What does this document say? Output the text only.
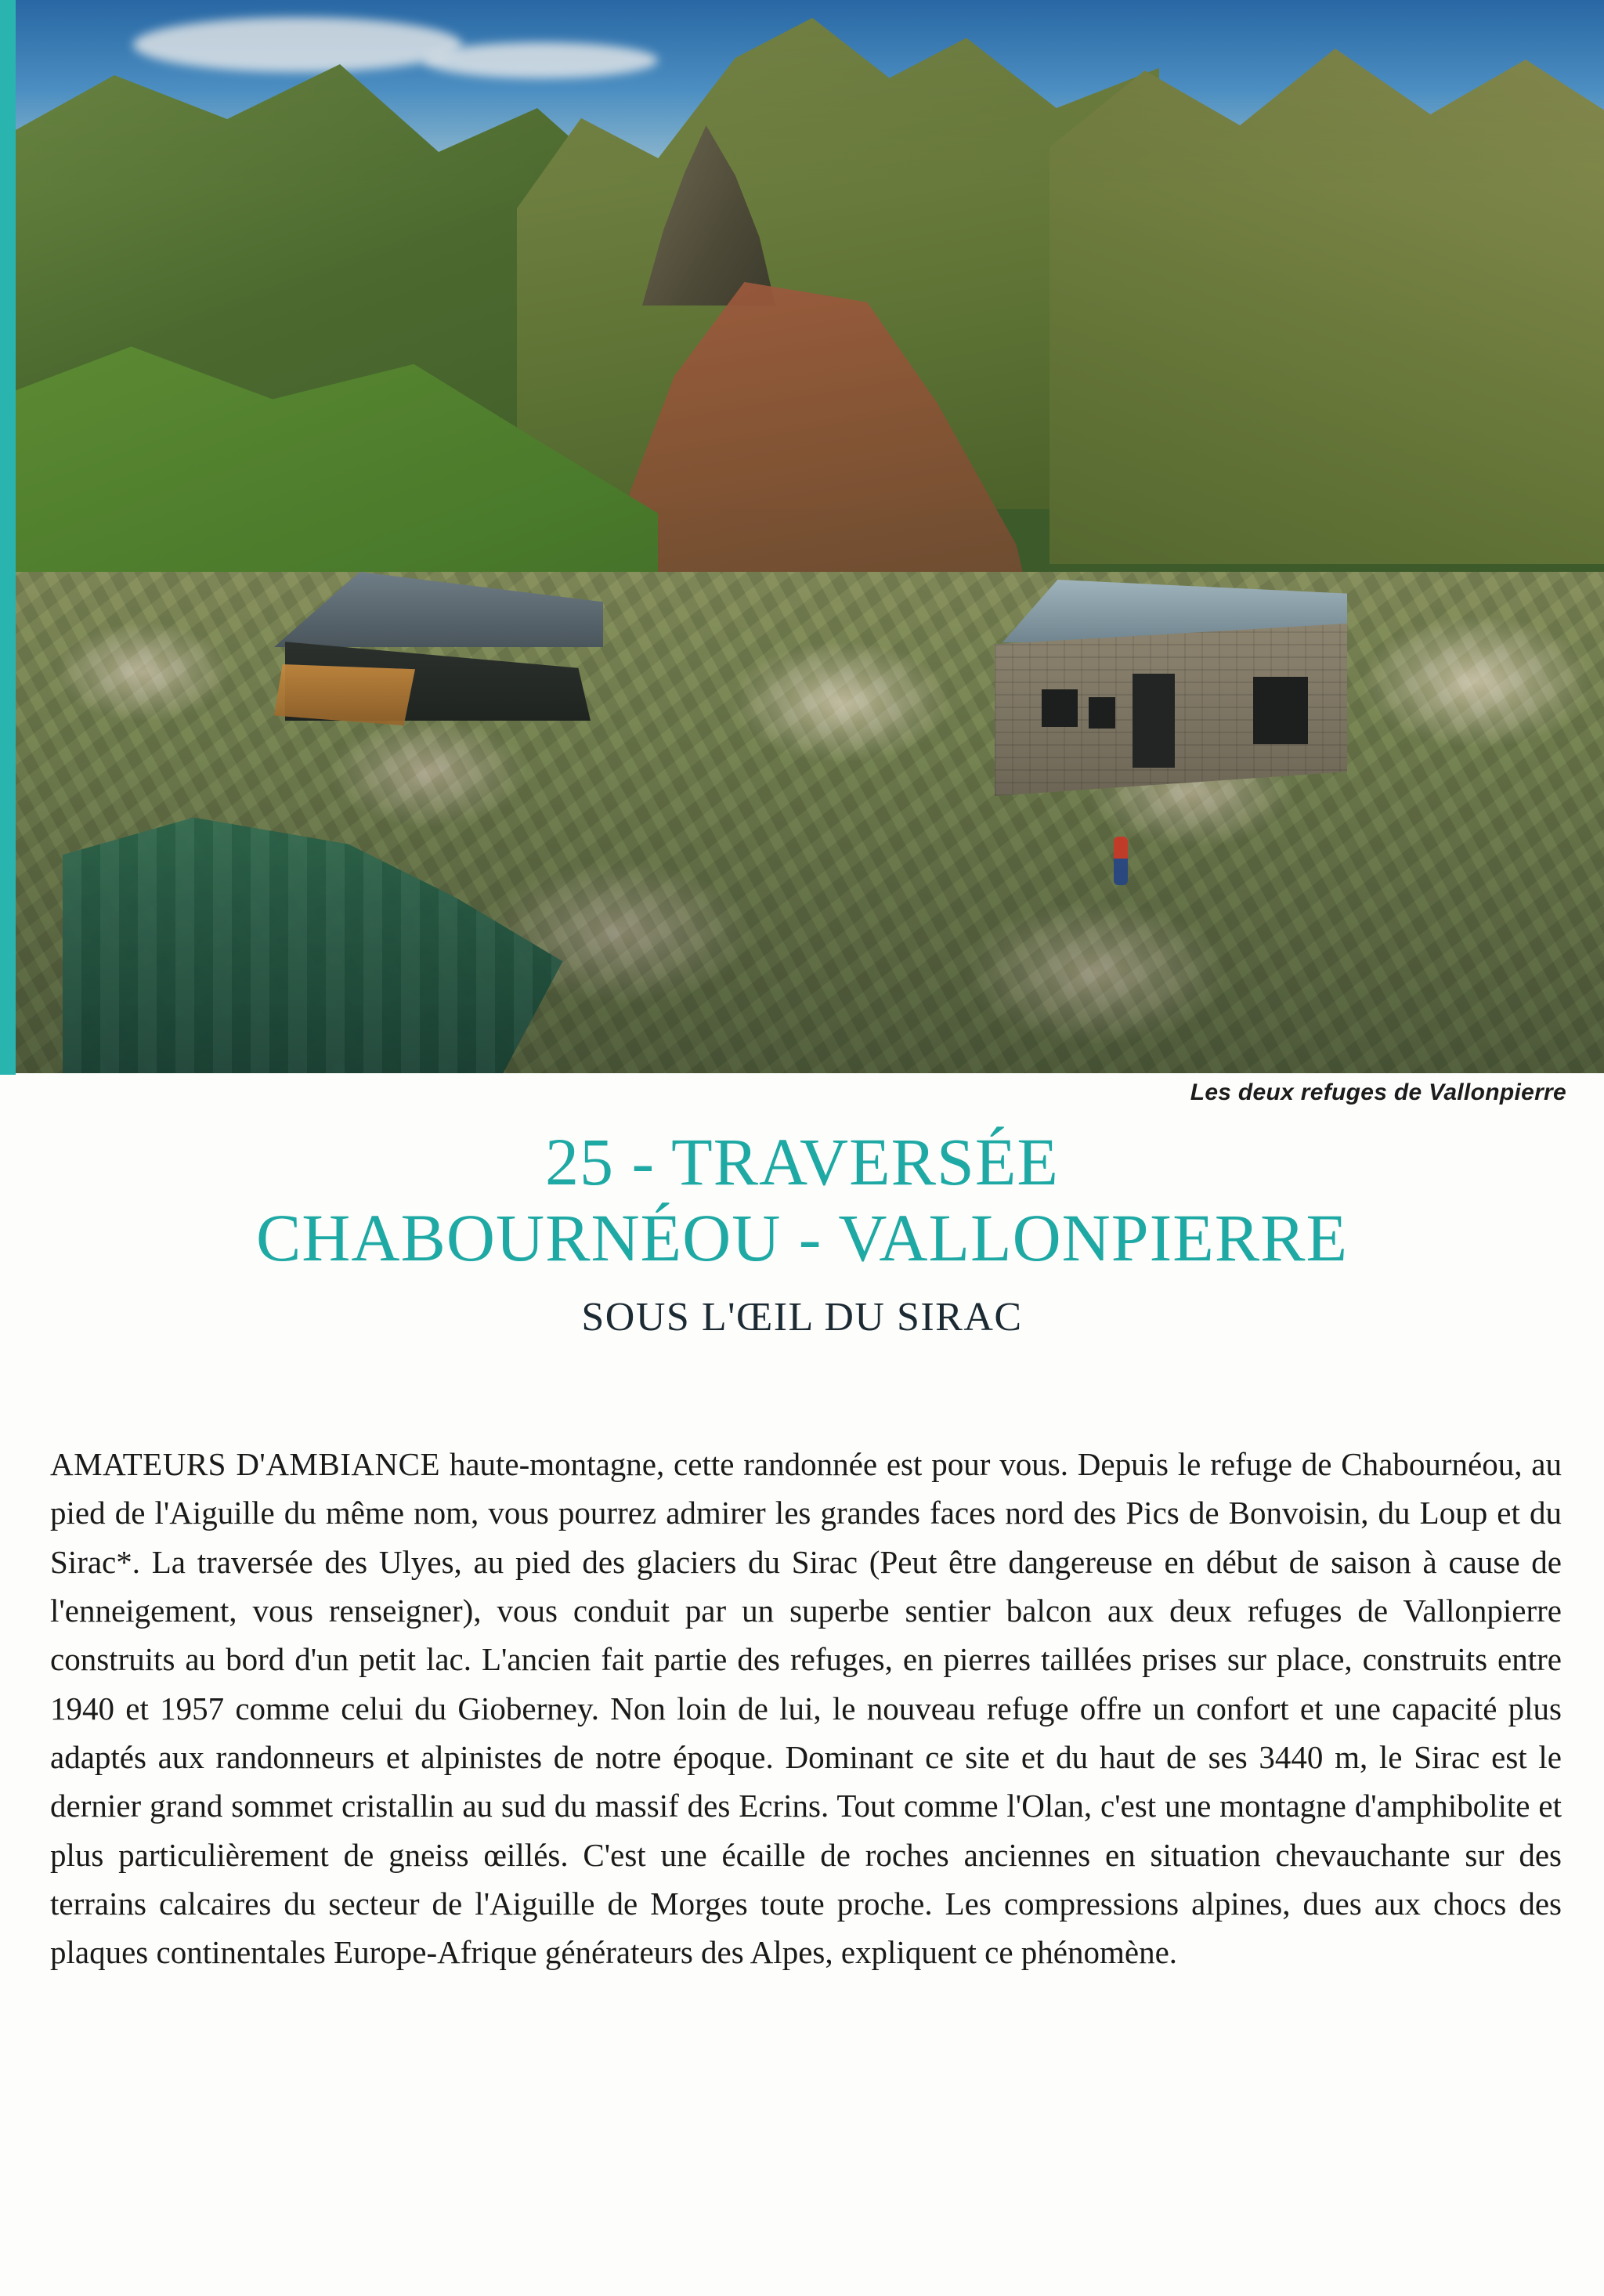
Les deux refuges de Vallonpierre
25 - TRAVERSÉE
CHABOURNÉOU - VALLONPIERRE
SOUS L'ŒIL DU SIRAC
AMATEURS D'AMBIANCE haute-montagne, cette randonnée est pour vous. Depuis le refuge de Chabournéou, au pied de l'Aiguille du même nom, vous pourrez admirer les grandes faces nord des Pics de Bonvoisin, du Loup et du Sirac*. La traversée des Ulyes, au pied des glaciers du Sirac (Peut être dangereuse en début de saison à cause de l'enneigement, vous renseigner), vous conduit par un superbe sentier balcon aux deux refuges de Vallonpierre construits au bord d'un petit lac. L'ancien fait partie des refuges, en pierres taillées prises sur place, construits entre 1940 et 1957 comme celui du Gioberney. Non loin de lui, le nouveau refuge offre un confort et une capacité plus adaptés aux randonneurs et alpinistes de notre époque. Dominant ce site et du haut de ses 3440 m, le Sirac est le dernier grand sommet cristallin au sud du massif des Ecrins. Tout comme l'Olan, c'est une montagne d'amphibolite et plus particulièrement de gneiss œillés. C'est une écaille de roches anciennes en situation chevauchante sur des terrains calcaires du secteur de l'Aiguille de Morges toute proche. Les compressions alpines, dues aux chocs des plaques continentales Europe-Afrique générateurs des Alpes, expliquent ce phénomène.
